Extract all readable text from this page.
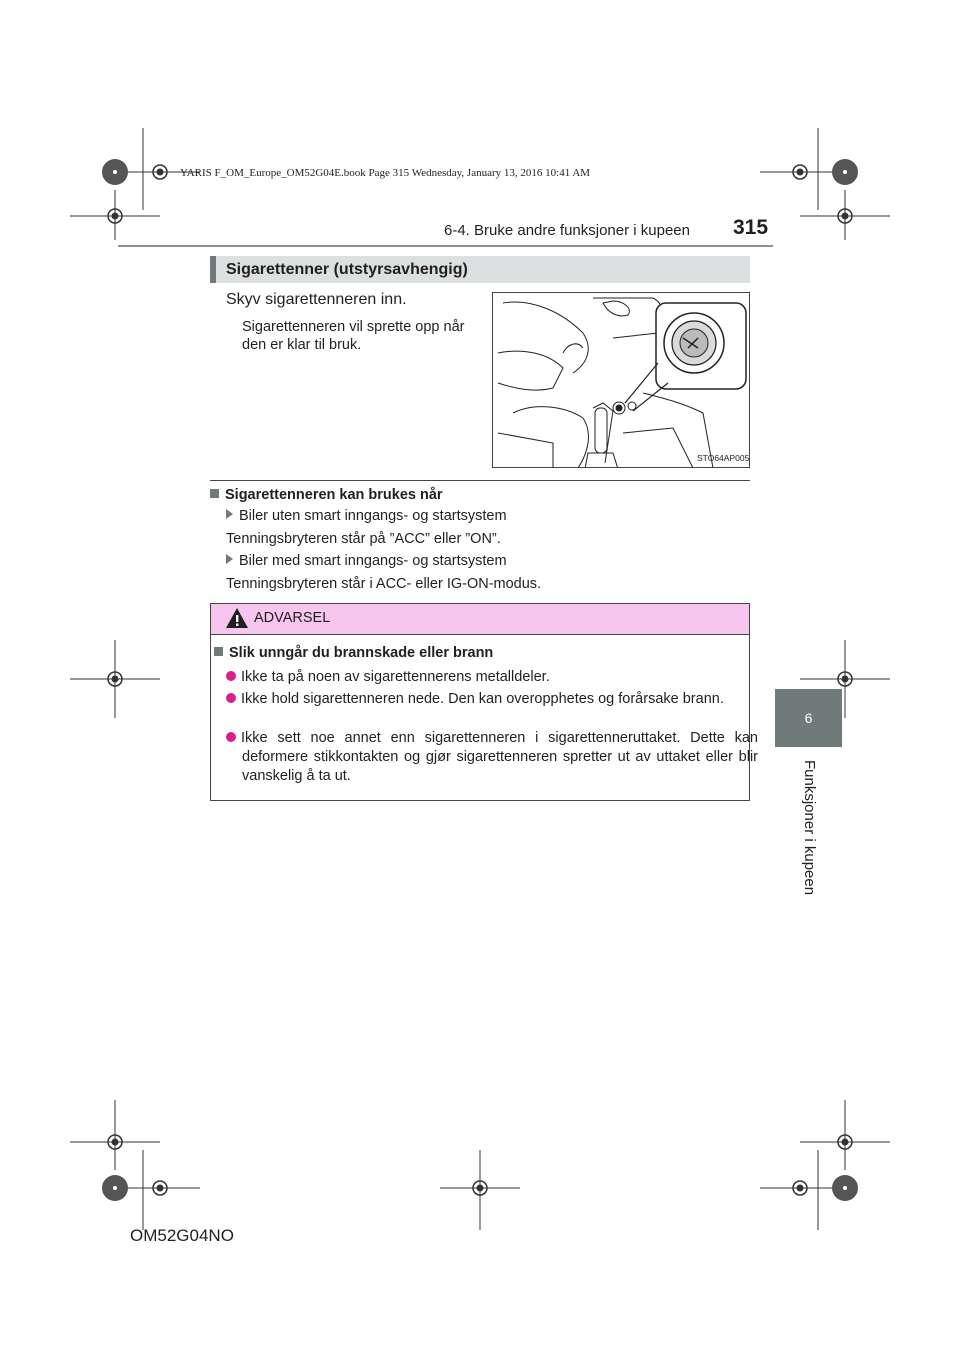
YARIS F_OM_Europe_OM52G04E.book Page 315 Wednesday, January 13, 2016 10:41 AM
6-4. Bruke andre funksjoner i kupeen 315
6
Funksjoner i kupeen
Sigarettenner (utstyrsavhengig)
Skyv sigarettenneren inn.
Sigarettenneren vil sprette opp når den er klar til bruk.
STO64AP005
Sigarettenneren kan brukes når
Biler uten smart inngangs- og startsystem
Tenningsbryteren står på ”ACC” eller ”ON”.
Biler med smart inngangs- og startsystem
Tenningsbryteren står i ACC- eller IG-ON-modus.
ADVARSEL
Slik unngår du brannskade eller brann
Ikke ta på noen av sigarettennerens metalldeler.
Ikke hold sigarettenneren nede. Den kan overopphetes og forårsake brann.
Ikke sett noe annet enn sigarettenneren i sigarettenneruttaket. Dette kan deformere stikkontakten og gjør sigarettenneren spretter ut av uttaket eller blir vanskelig å ta ut.
OM52G04NO
